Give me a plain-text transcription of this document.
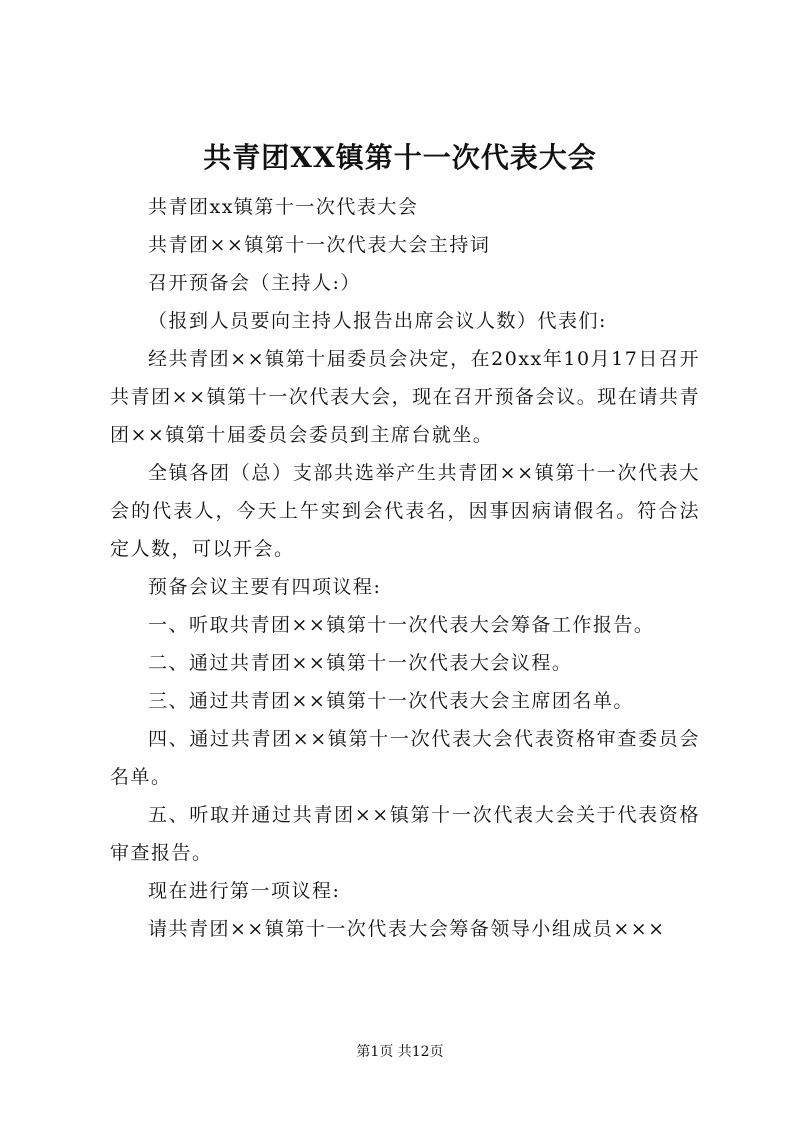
共青团XX镇第十一次代表大会

共青团xx镇第十一次代表大会

共青团××镇第十一次代表大会主持词

召开预备会（主持人:）

（报到人员要向主持人报告出席会议人数）代表们:

经共青团××镇第十届委员会决定，在20xx年10月17日召开共青团××镇第十一次代表大会，现在召开预备会议。现在请共青团××镇第十届委员会委员到主席台就坐。

全镇各团（总）支部共选举产生共青团××镇第十一次代表大会的代表人，今天上午实到会代表名，因事因病请假名。符合法定人数，可以开会。

预备会议主要有四项议程:

一、听取共青团××镇第十一次代表大会筹备工作报告。

二、通过共青团××镇第十一次代表大会议程。

三、通过共青团××镇第十一次代表大会主席团名单。

四、通过共青团××镇第十一次代表大会代表资格审查委员会名单。

五、听取并通过共青团××镇第十一次代表大会关于代表资格审查报告。

现在进行第一项议程:

请共青团××镇第十一次代表大会筹备领导小组成员×××

第1页 共12页
